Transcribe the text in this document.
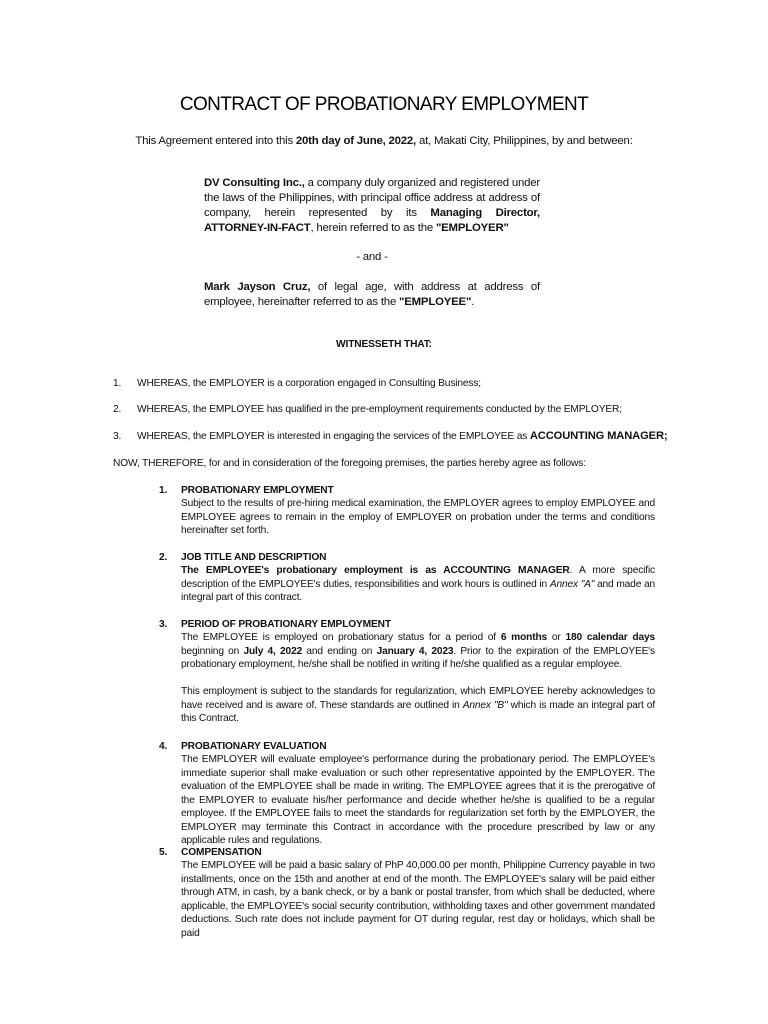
CONTRACT OF PROBATIONARY EMPLOYMENT
This Agreement entered into this 20th day of June, 2022, at, Makati City, Philippines, by and between:
DV Consulting Inc., a company duly organized and registered under the laws of the Philippines, with principal office address at address of company, herein represented by its Managing Director, ATTORNEY-IN-FACT, herein referred to as the "EMPLOYER"
- and -
Mark Jayson Cruz, of legal age, with address at address of employee, hereinafter referred to as the "EMPLOYEE".
WITNESSETH THAT:
1. WHEREAS, the EMPLOYER is a corporation engaged in Consulting Business;
2. WHEREAS, the EMPLOYEE has qualified in the pre-employment requirements conducted by the EMPLOYER;
3. WHEREAS, the EMPLOYER is interested in engaging the services of the EMPLOYEE as ACCOUNTING MANAGER;
NOW, THEREFORE, for and in consideration of the foregoing premises, the parties hereby agree as follows:
1. PROBATIONARY EMPLOYMENT
Subject to the results of pre-hiring medical examination, the EMPLOYER agrees to employ EMPLOYEE and EMPLOYEE agrees to remain in the employ of EMPLOYER on probation under the terms and conditions hereinafter set forth.
2. JOB TITLE AND DESCRIPTION
The EMPLOYEE's probationary employment is as ACCOUNTING MANAGER. A more specific description of the EMPLOYEE's duties, responsibilities and work hours is outlined in Annex "A" and made an integral part of this contract.
3. PERIOD OF PROBATIONARY EMPLOYMENT
The EMPLOYEE is employed on probationary status for a period of 6 months or 180 calendar days beginning on July 4, 2022 and ending on January 4, 2023. Prior to the expiration of the EMPLOYEE's probationary employment, he/she shall be notified in writing if he/she qualified as a regular employee.
This employment is subject to the standards for regularization, which EMPLOYEE hereby acknowledges to have received and is aware of. These standards are outlined in Annex "B" which is made an integral part of this Contract.
4. PROBATIONARY EVALUATION
The EMPLOYER will evaluate employee's performance during the probationary period. The EMPLOYEE's immediate superior shall make evaluation or such other representative appointed by the EMPLOYER. The evaluation of the EMPLOYEE shall be made in writing. The EMPLOYEE agrees that it is the prerogative of the EMPLOYER to evaluate his/her performance and decide whether he/she is qualified to be a regular employee. If the EMPLOYEE fails to meet the standards for regularization set forth by the EMPLOYER, the EMPLOYER may terminate this Contract in accordance with the procedure prescribed by law or any applicable rules and regulations.
5. COMPENSATION
The EMPLOYEE will be paid a basic salary of PhP 40,000.00 per month, Philippine Currency payable in two installments, once on the 15th and another at end of the month. The EMPLOYEE's salary will be paid either through ATM, in cash, by a bank check, or by a bank or postal transfer, from which shall be deducted, where applicable, the EMPLOYEE's social security contribution, withholding taxes and other government mandated deductions. Such rate does not include payment for OT during regular, rest day or holidays, which shall be paid
